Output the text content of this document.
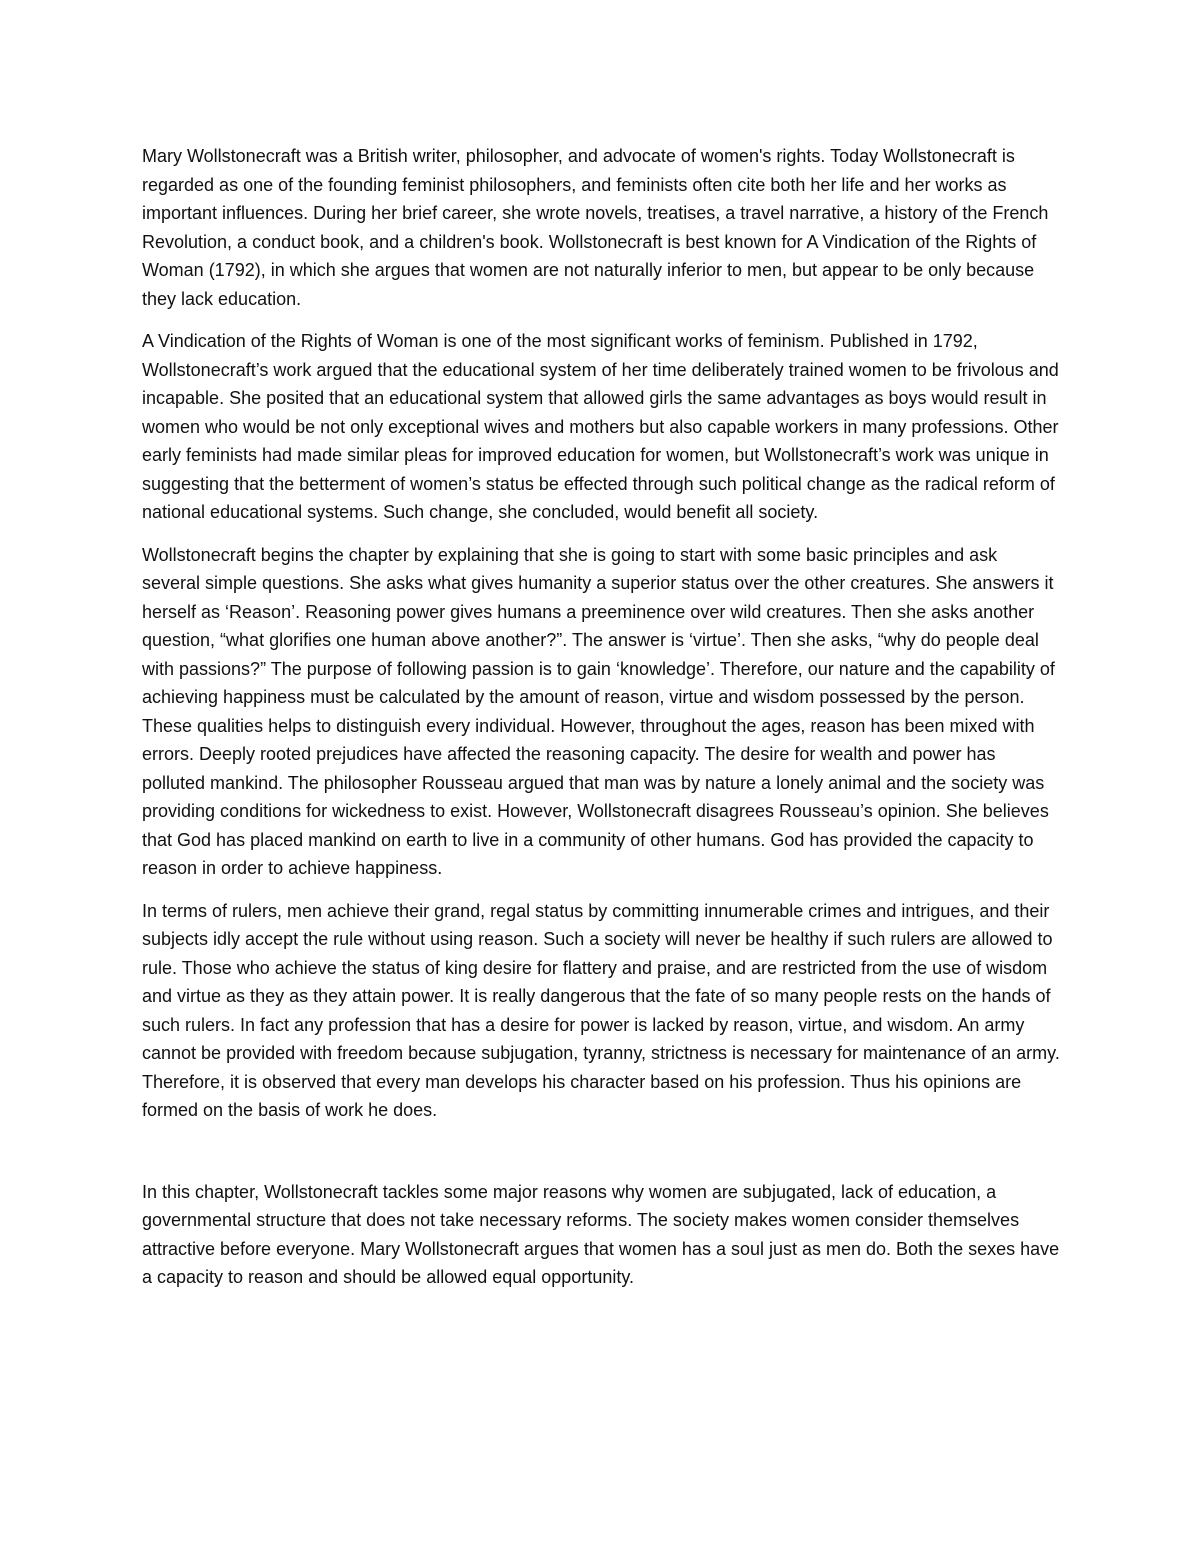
Mary Wollstonecraft was a British writer, philosopher, and advocate of women's rights. Today Wollstonecraft is regarded as one of the founding feminist philosophers, and feminists often cite both her life and her works as important influences. During her brief career, she wrote novels, treatises, a travel narrative, a history of the French Revolution, a conduct book, and a children's book. Wollstonecraft is best known for A Vindication of the Rights of Woman (1792), in which she argues that women are not naturally inferior to men, but appear to be only because they lack education.

A Vindication of the Rights of Woman is one of the most significant works of feminism. Published in 1792, Wollstonecraft’s work argued that the educational system of her time deliberately trained women to be frivolous and incapable. She posited that an educational system that allowed girls the same advantages as boys would result in women who would be not only exceptional wives and mothers but also capable workers in many professions. Other early feminists had made similar pleas for improved education for women, but Wollstonecraft’s work was unique in suggesting that the betterment of women’s status be effected through such political change as the radical reform of national educational systems. Such change, she concluded, would benefit all society.

Wollstonecraft begins the chapter by explaining that she is going to start with some basic principles and ask several simple questions. She asks what gives humanity a superior status over the other creatures. She answers it herself as ‘Reason’. Reasoning power gives humans a preeminence over wild creatures. Then she asks another question, “what glorifies one human above another?”. The answer is ‘virtue’. Then she asks, “why do people deal with passions?” The purpose of following passion is to gain ‘knowledge’. Therefore, our nature and the capability of achieving happiness must be calculated by the amount of reason, virtue and wisdom possessed by the person. These qualities helps to distinguish every individual. However, throughout the ages, reason has been mixed with errors. Deeply rooted prejudices have affected the reasoning capacity. The desire for wealth and power has polluted mankind. The philosopher Rousseau argued that man was by nature a lonely animal and the society was providing conditions for wickedness to exist. However, Wollstonecraft disagrees Rousseau’s opinion. She believes that God has placed mankind on earth to live in a community of other humans. God has provided the capacity to reason in order to achieve happiness.

In terms of rulers, men achieve their grand, regal status by committing innumerable crimes and intrigues, and their subjects idly accept the rule without using reason. Such a society will never be healthy if such rulers are allowed to rule. Those who achieve the status of king desire for flattery and praise, and are restricted from the use of wisdom and virtue as they as they attain power. It is really dangerous that the fate of so many people rests on the hands of such rulers. In fact any profession that has a desire for power is lacked by reason, virtue, and wisdom. An army cannot be provided with freedom because subjugation, tyranny, strictness is necessary for maintenance of an army. Therefore, it is observed that every man develops his character based on his profession. Thus his opinions are formed on the basis of work he does.

In this chapter, Wollstonecraft tackles some major reasons why women are subjugated, lack of education, a governmental structure that does not take necessary reforms. The society makes women consider themselves attractive before everyone. Mary Wollstonecraft argues that women has a soul just as men do. Both the sexes have a capacity to reason and should be allowed equal opportunity.
